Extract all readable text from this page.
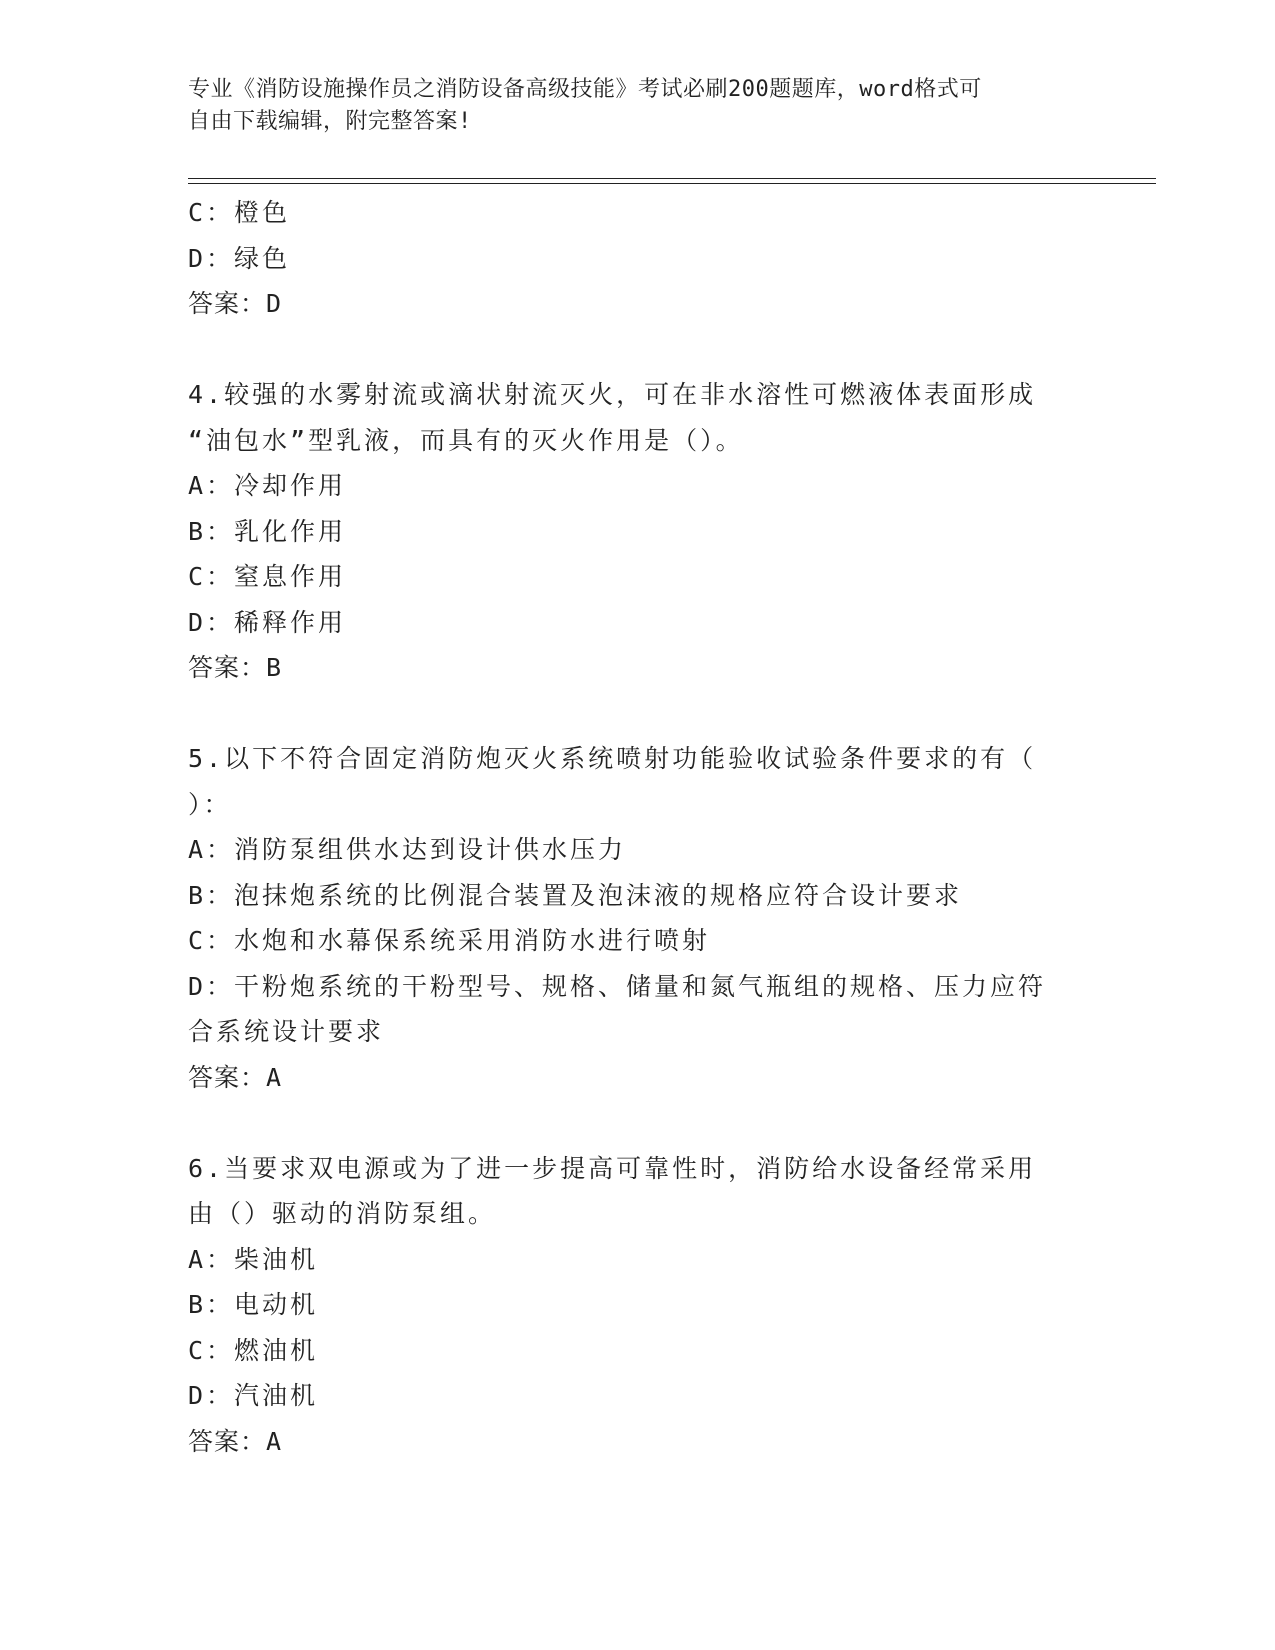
专业《消防设施操作员之消防设备高级技能》考试必刷200题题库，word格式可
自由下载编辑，附完整答案!
C：橙色
D：绿色
答案：D
4.较强的水雾射流或滴状射流灭火，可在非水溶性可燃液体表面形成
“油包水”型乳液，而具有的灭火作用是（）。
A：冷却作用
B：乳化作用
C：窒息作用
D：稀释作用
答案：B
5.以下不符合固定消防炮灭火系统喷射功能验收试验条件要求的有（
）：
A：消防泵组供水达到设计供水压力
B：泡抹炮系统的比例混合装置及泡沫液的规格应符合设计要求
C：水炮和水幕保系统采用消防水进行喷射
D：干粉炮系统的干粉型号、规格、储量和氮气瓶组的规格、压力应符
合系统设计要求
答案：A
6.当要求双电源或为了进一步提高可靠性时，消防给水设备经常采用
由（）驱动的消防泵组。
A：柴油机
B：电动机
C：燃油机
D：汽油机
答案：A
